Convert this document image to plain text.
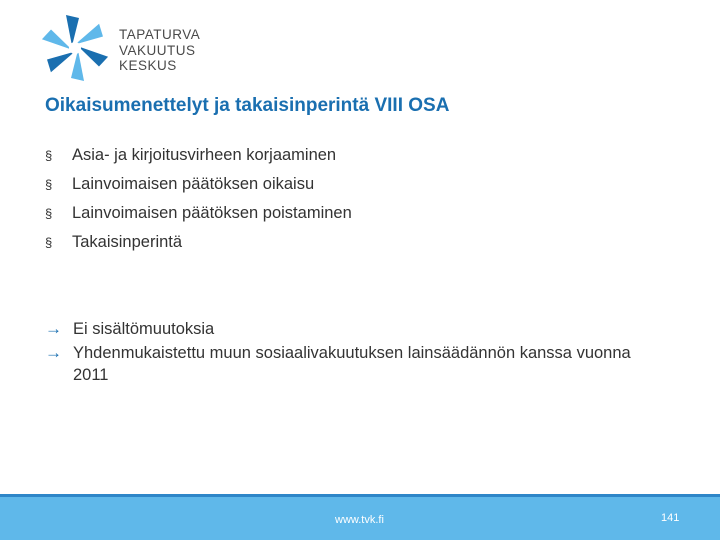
TAPATURVA
VAKUUTUS
KESKUS
Oikaisumenettelyt ja takaisinperintä VIII OSA
§ Asia- ja kirjoitusvirheen korjaaminen
§ Lainvoimaisen päätöksen oikaisu
§ Lainvoimaisen päätöksen poistaminen
§ Takaisinperintä
→ Ei sisältömuutoksia
→ Yhdenmukaistettu muun sosiaalivakuutuksen lainsäädännön kanssa vuonna 2011
www.tvk.fi	141
